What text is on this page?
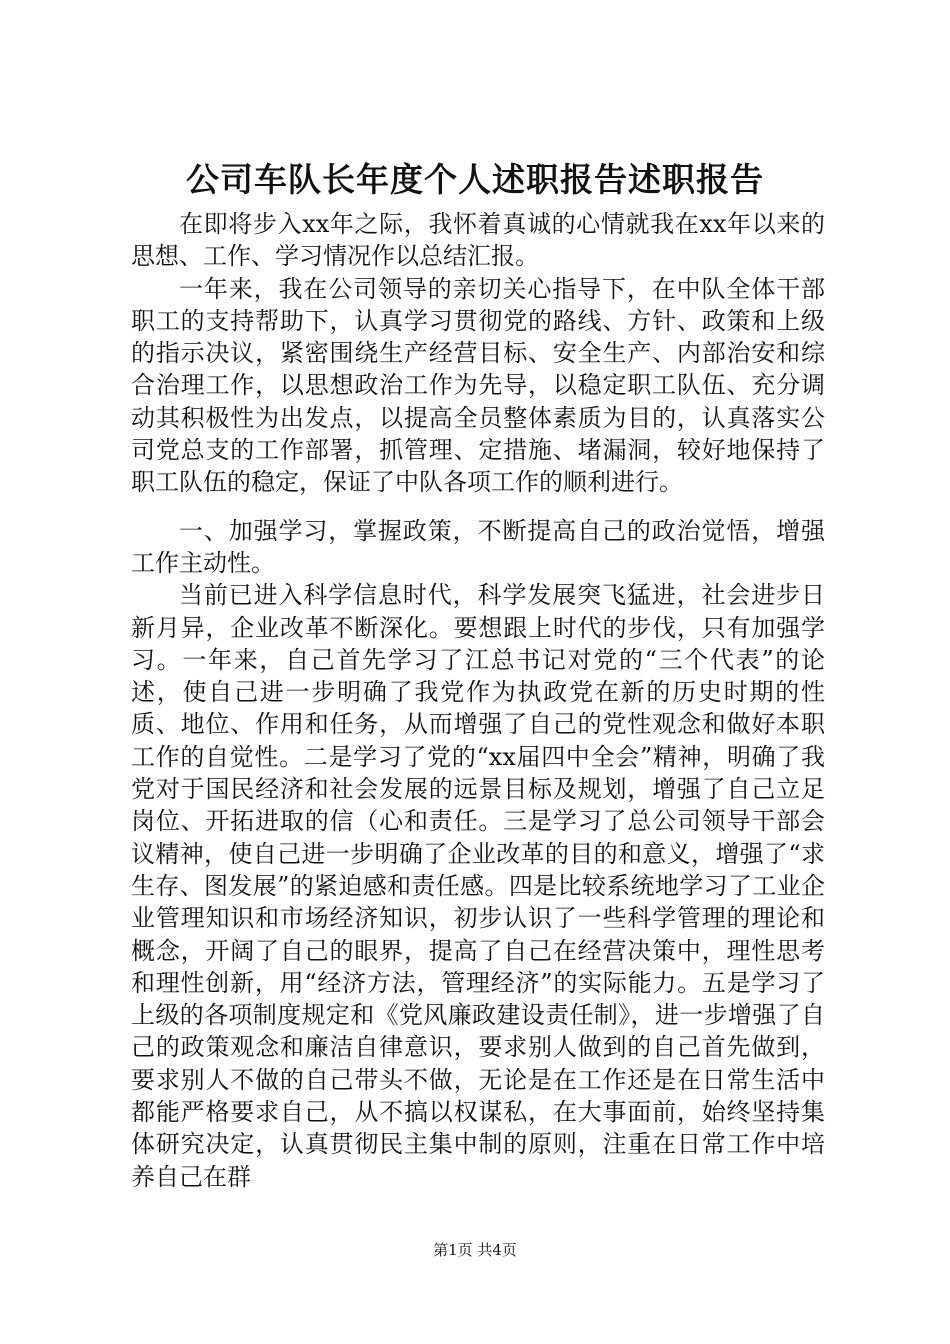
公司车队长年度个人述职报告述职报告

在即将步入xx年之际，我怀着真诚的心情就我在xx年以来的思想、工作、学习情况作以总结汇报。

一年来，我在公司领导的亲切关心指导下，在中队全体干部职工的支持帮助下，认真学习贯彻党的路线、方针、政策和上级的指示决议，紧密围绕生产经营目标、安全生产、内部治安和综合治理工作，以思想政治工作为先导，以稳定职工队伍、充分调动其积极性为出发点，以提高全员整体素质为目的，认真落实公司党总支的工作部署，抓管理、定措施、堵漏洞，较好地保持了职工队伍的稳定，保证了中队各项工作的顺利进行。

一、加强学习，掌握政策，不断提高自己的政治觉悟，增强工作主动性。

当前已进入科学信息时代，科学发展突飞猛进，社会进步日新月异，企业改革不断深化。要想跟上时代的步伐，只有加强学习。一年来，自己首先学习了江总书记对党的“三个代表”的论述，使自己进一步明确了我党作为执政党在新的历史时期的性质、地位、作用和任务，从而增强了自己的党性观念和做好本职工作的自觉性。二是学习了党的“xx届四中全会”精神，明确了我党对于国民经济和社会发展的远景目标及规划，增强了自己立足岗位、开拓进取的信（心和责任。三是学习了总公司领导干部会议精神，使自己进一步明确了企业改革的目的和意义，增强了“求生存、图发展”的紧迫感和责任感。四是比较系统地学习了工业企业管理知识和市场经济知识，初步认识了一些科学管理的理论和概念，开阔了自己的眼界，提高了自己在经营决策中，理性思考和理性创新，用“经济方法，管理经济”的实际能力。五是学习了上级的各项制度规定和《党风廉政建设责任制》，进一步增强了自己的政策观念和廉洁自律意识，要求别人做到的自己首先做到，要求别人不做的自己带头不做，无论是在工作还是在日常生活中都能严格要求自己，从不搞以权谋私，在大事面前，始终坚持集体研究决定，认真贯彻民主集中制的原则，注重在日常工作中培养自己在群

第1页 共4页
